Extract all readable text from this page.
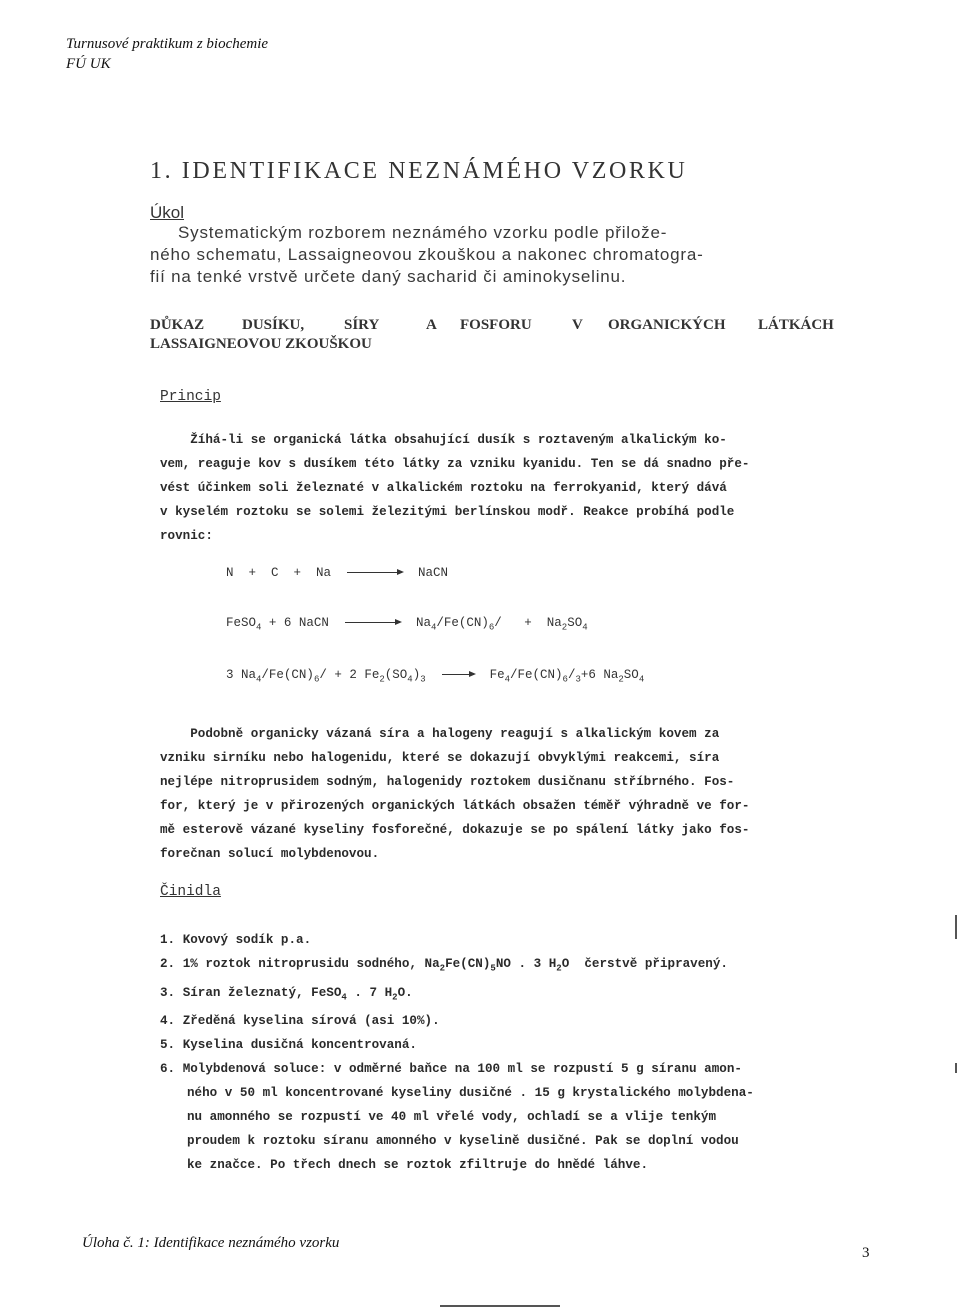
Turnusové praktikum z biochemie
FÚ UK
1. IDENTIFIKACE NEZNÁMÉHO VZORKU
Úkol
Systematickým rozborem neznámého vzorku podle přilože-
ného schematu, Lassaigneovou zkouškou a nakonec chromatogra-
fií na tenké vrstvě určete daný sacharid či aminokyselinu.
DŮKAZ	DUSÍKU,	SÍRY	A FOSFORU	V ORGANICKÝCH LÁTKÁCH
LASSAIGNEOVOU ZKOUŠKOU
Princip
Žíhá-li se organická látka obsahující dusík s roztaveným alkalickým ko-
vem, reaguje kov s dusíkem této látky za vzniku kyanidu. Ten se dá snadno pře-
vést účinkem soli železnaté v alkalickém roztoku na ferrokyanid, který dává
v kyselém roztoku se solemi železitými berlínskou modř. Reakce probíhá podle
rovnic:
N  +  C  +  Na	NaCN
FeSO$_4$ + 6 NaCN	$Na_4/Fe(CN)_6/ + Na_2SO_4$
3 $Na_4/Fe(CN)_6/ + 2$ $Fe_2(SO_4)_3 \to Fe_4/Fe(CN)_6/_3+6$ $Na_2SO_4$
Podobně organicky vázaná síra a halogeny reagují s alkalickým kovem za
vzniku sirníku nebo halogenidu, které se dokazují obvyklými reakcemi, síra
nejlépe nitroprusidem sodným, halogenidy roztokem dusičnanu stříbrného. Fos-
for, který je v přirozených organických látkách obsažen téměř výhradně ve for-
mě esterově vázané kyseliny fosforečné, dokazuje se po spálení látky jako fos-
forečnan solucí molybdenovou.
Činidla
1. Kovový sodík p.a.
2. 1% roztok nitroprusidu sodného, $Na_2Fe(CN)_5NO$ . 3 $H_2O$  čerstvě připravený.
3. Síran železnatý, FeSO$_4$ . 7 $H_2O$.
4. Zředěná kyselina sírová (asi 10%).
5. Kyselina dusičná koncentrovaná.
6. Molybdenová soluce: v odměrné baňce na 100 ml se rozpustí 5 g síranu amon-
ného v 50 ml koncentrované kyseliny dusičné . 15 g krystalického molybdena-
nu amonného se rozpustí ve 40 ml vřelé vody, ochladí se a vlije tenkým
proudem k roztoku síranu amonného v kyselině dusičné. Pak se doplní vodou
ke značce. Po třech dnech se roztok zfiltruje do hnědé láhve.
Úloha č. 1: Identifikace neznámého vzorku
3
